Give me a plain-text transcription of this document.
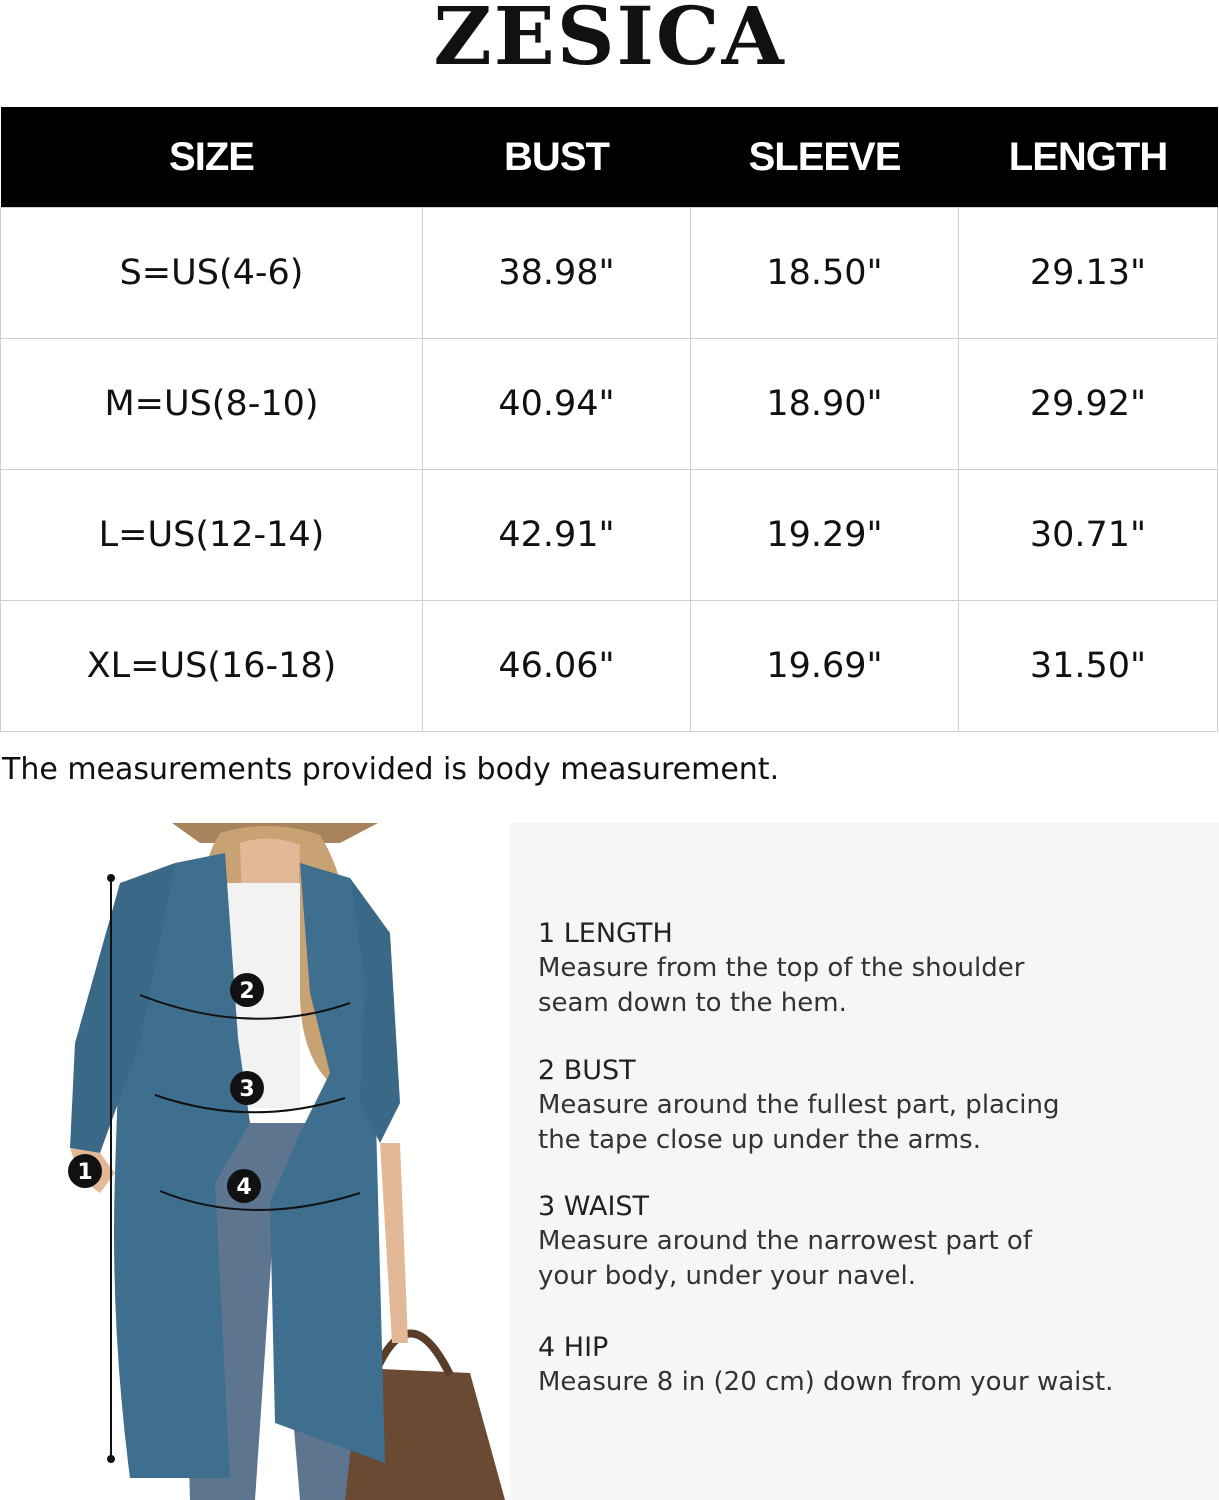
ZESICA
SIZE	BUST	SLEEVE	LENGTH
S=US(4-6)	38.98"	18.50"	29.13"
M=US(8-10)	40.94"	18.90"	29.92"
L=US(12-14)	42.91"	19.29"	30.71"
XL=US(16-18)	46.06"	19.69"	31.50"
The measurements provided is body measurement.
1
2
3
4
1 LENGTH
Measure from the top of the shoulder
seam down to the hem.
2 BUST
Measure around the fullest part, placing
the tape close up under the arms.
3 WAIST
Measure around the narrowest part of
your body, under your navel.
4 HIP
Measure 8 in (20 cm) down from your waist.
